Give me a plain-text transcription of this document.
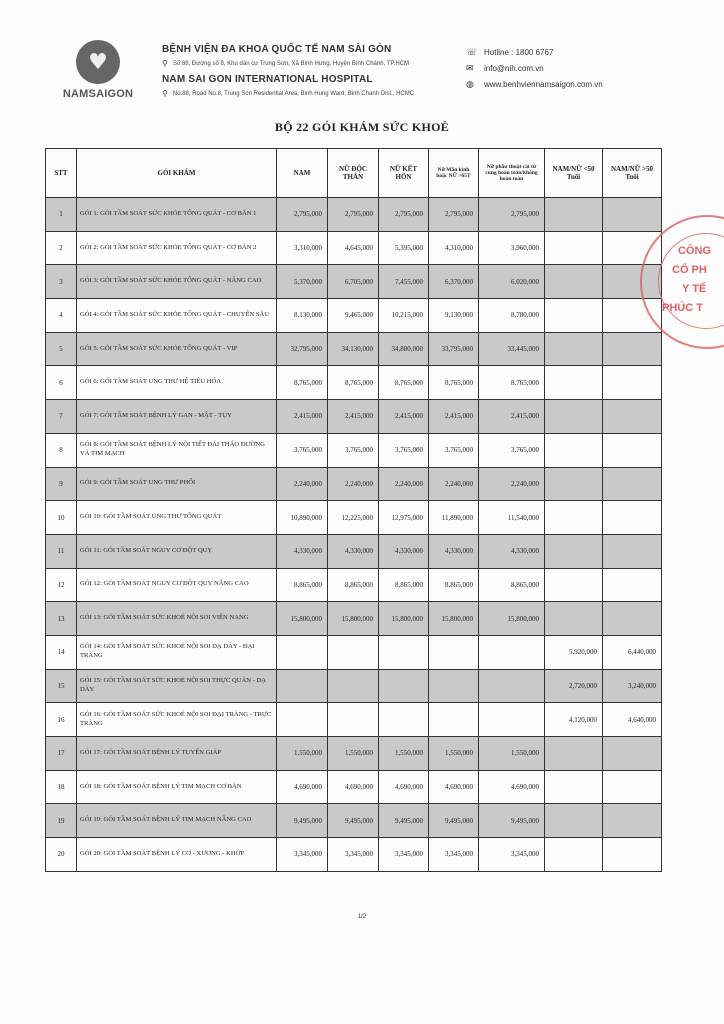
♥
NAMSAIGON
BỆNH VIỆN ĐA KHOA QUỐC TẾ NAM SÀI GÒN
⚲ Số 88, Đường số 8, Khu dân cư Trung Sơn, Xã Bình Hưng, Huyện Bình Chánh, TP.HCM
NAM SAI GON INTERNATIONAL HOSPITAL
⚲ No.88, Road No.8, Trung Son Residential Area, Binh Hung Ward, Binh Chanh Dist., HCMC
☏ Hotline : 1800 6767
✉	info@nih.com.vn
◍	www.benhviennamsaigon.com.vn
BỘ 22 GÓI KHÁM SỨC KHOẺ
STT	GÓI KHÁM	NAM	NỮ ĐỘC THÂN	NỮ KẾT HÔN	Nữ Mãn kinh hoặc NỮ >65T	Nữ phẫu thuật cắt tử cung hoàn toàn/không hoàn toàn	NAM/NỮ <50 Tuổi	NAM/NỮ >50 Tuổi
1	GÓI 1: GÓI TẦM SOÁT SỨC KHỎE TỔNG QUÁT - CƠ BẢN 1	2,795,000	2,795,000	2,795,000	2,795,000	2,795,000		
2	GÓI 2: GÓI TẦM SOÁT SỨC KHỎE TỔNG QUÁT - CƠ BẢN 2	3,310,000	4,645,000	5,395,000	4,310,000	3,960,000		
3	GÓI 3: GÓI TẦM SOÁT SỨC KHỎE TỔNG QUÁT - NÂNG CAO	5,370,000	6,705,000	7,455,000	6,370,000	6,020,000		
4	GÓI 4: GÓI TẦM SOÁT SỨC KHỎE TỔNG QUÁT - CHUYÊN SÂU	8,130,000	9,465,000	10,215,000	9,130,000	8,780,000		
5	GÓI 5: GÓI TẦM SOÁT SỨC KHỎE TỔNG QUÁT - VIP	32,795,000	34,130,000	34,880,000	33,795,000	33,445,000		
6	GÓI 6: GÓI TẦM SOÁT UNG THƯ HỆ TIÊU HÓA	8,765,000	8,765,000	8,765,000	8,765,000	8,765,000		
7	GÓI 7: GÓI TẦM SOÁT BỆNH LÝ GAN - MẬT - TỤY	2,415,000	2,415,000	2,415,000	2,415,000	2,415,000		
8	GÓI 8: GÓI TẦM SOÁT BỆNH LÝ NỘI TIẾT ĐÁI THÁO ĐƯỜNG VÀ TIM MẠCH	3,765,000	3,765,000	3,765,000	3,765,000	3,765,000		
9	GÓI 9: GÓI TẦM SOÁT UNG THƯ PHỔI	2,240,000	2,240,000	2,240,000	2,240,000	2,240,000		
10	GÓI 10: GÓI TẦM SOÁT UNG THƯ TỔNG QUÁT	10,890,000	12,225,000	12,975,000	11,890,000	11,540,000		
11	GÓI 11: GÓI TẦM SOÁT NGUY CƠ ĐỘT QUỴ	4,330,000	4,330,000	4,330,000	4,330,000	4,330,000		
12	GÓI 12: GÓI TẦM SOÁT NGUY CƠ ĐỘT QUỴ NÂNG CAO	8,865,000	8,865,000	8,865,000	8,865,000	8,865,000		
13	GÓI 13: GÓI TẦM SOÁT SỨC KHOẺ NỘI SOI VIÊN NANG	15,800,000	15,800,000	15,800,000	15,800,000	15,800,000		
14	GÓI 14: GÓI TẦM SOÁT SỨC KHOẺ NỘI SOI DẠ DÀY - ĐẠI TRÀNG						5,920,000	6,440,000
15	GÓI 15: GÓI TẦM SOÁT SỨC KHOẺ NỘI SOI THỰC QUẢN - DẠ DÀY						2,720,000	3,240,000
16	GÓI 16: GÓI TẦM SOÁT SỨC KHOẺ NỘI SOI ĐẠI TRÀNG - TRỰC TRÀNG						4,120,000	4,640,000
17	GÓI 17: GÓI TẦM SOÁT BỆNH LÝ TUYẾN GIÁP	1,550,000	1,550,000	1,550,000	1,550,000	1,550,000		
18	GÓI 18: GÓI TẦM SOÁT BỆNH LÝ TIM MẠCH CƠ BẢN	4,690,000	4,690,000	4,690,000	4,690,000	4,690,000		
19	GÓI 19: GÓI TẦM SOÁT BỆNH LÝ TIM MẠCH NÂNG CAO	9,495,000	9,495,000	9,495,000	9,495,000	9,495,000		
20	GÓI 20: GÓI TẦM SOÁT BỆNH LÝ CƠ - XƯƠNG - KHỚP	3,345,000	3,345,000	3,345,000	3,345,000	3,345,000		
CÔNG
CỔ PH
Y TẾ
PHÚC T
1/2
